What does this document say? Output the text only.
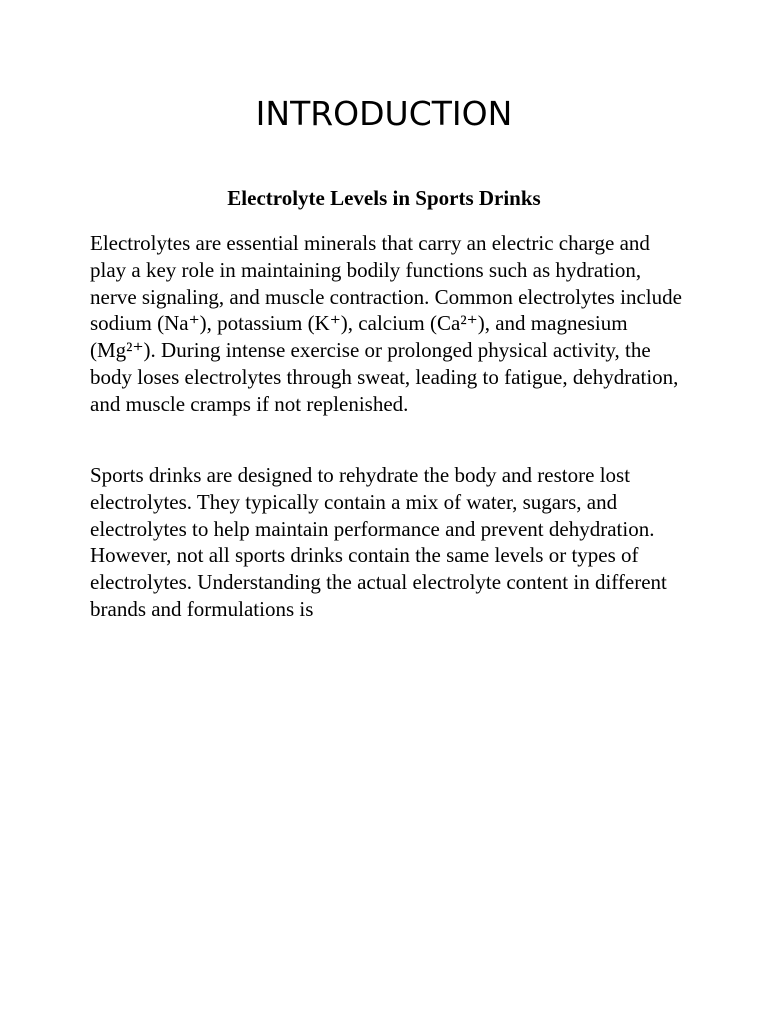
INTRODUCTION
Electrolyte Levels in Sports Drinks

Electrolytes are essential minerals that carry an electric charge and play a key role in maintaining bodily functions such as hydration, nerve signaling, and muscle contraction. Common electrolytes include sodium (Na⁺), potassium (K⁺), calcium (Ca²⁺), and magnesium (Mg²⁺). During intense exercise or prolonged physical activity, the body loses electrolytes through sweat, leading to fatigue, dehydration, and muscle cramps if not replenished.

Sports drinks are designed to rehydrate the body and restore lost electrolytes. They typically contain a mix of water, sugars, and electrolytes to help maintain performance and prevent dehydration. However, not all sports drinks contain the same levels or types of electrolytes. Understanding the actual electrolyte content in different brands and formulations is
